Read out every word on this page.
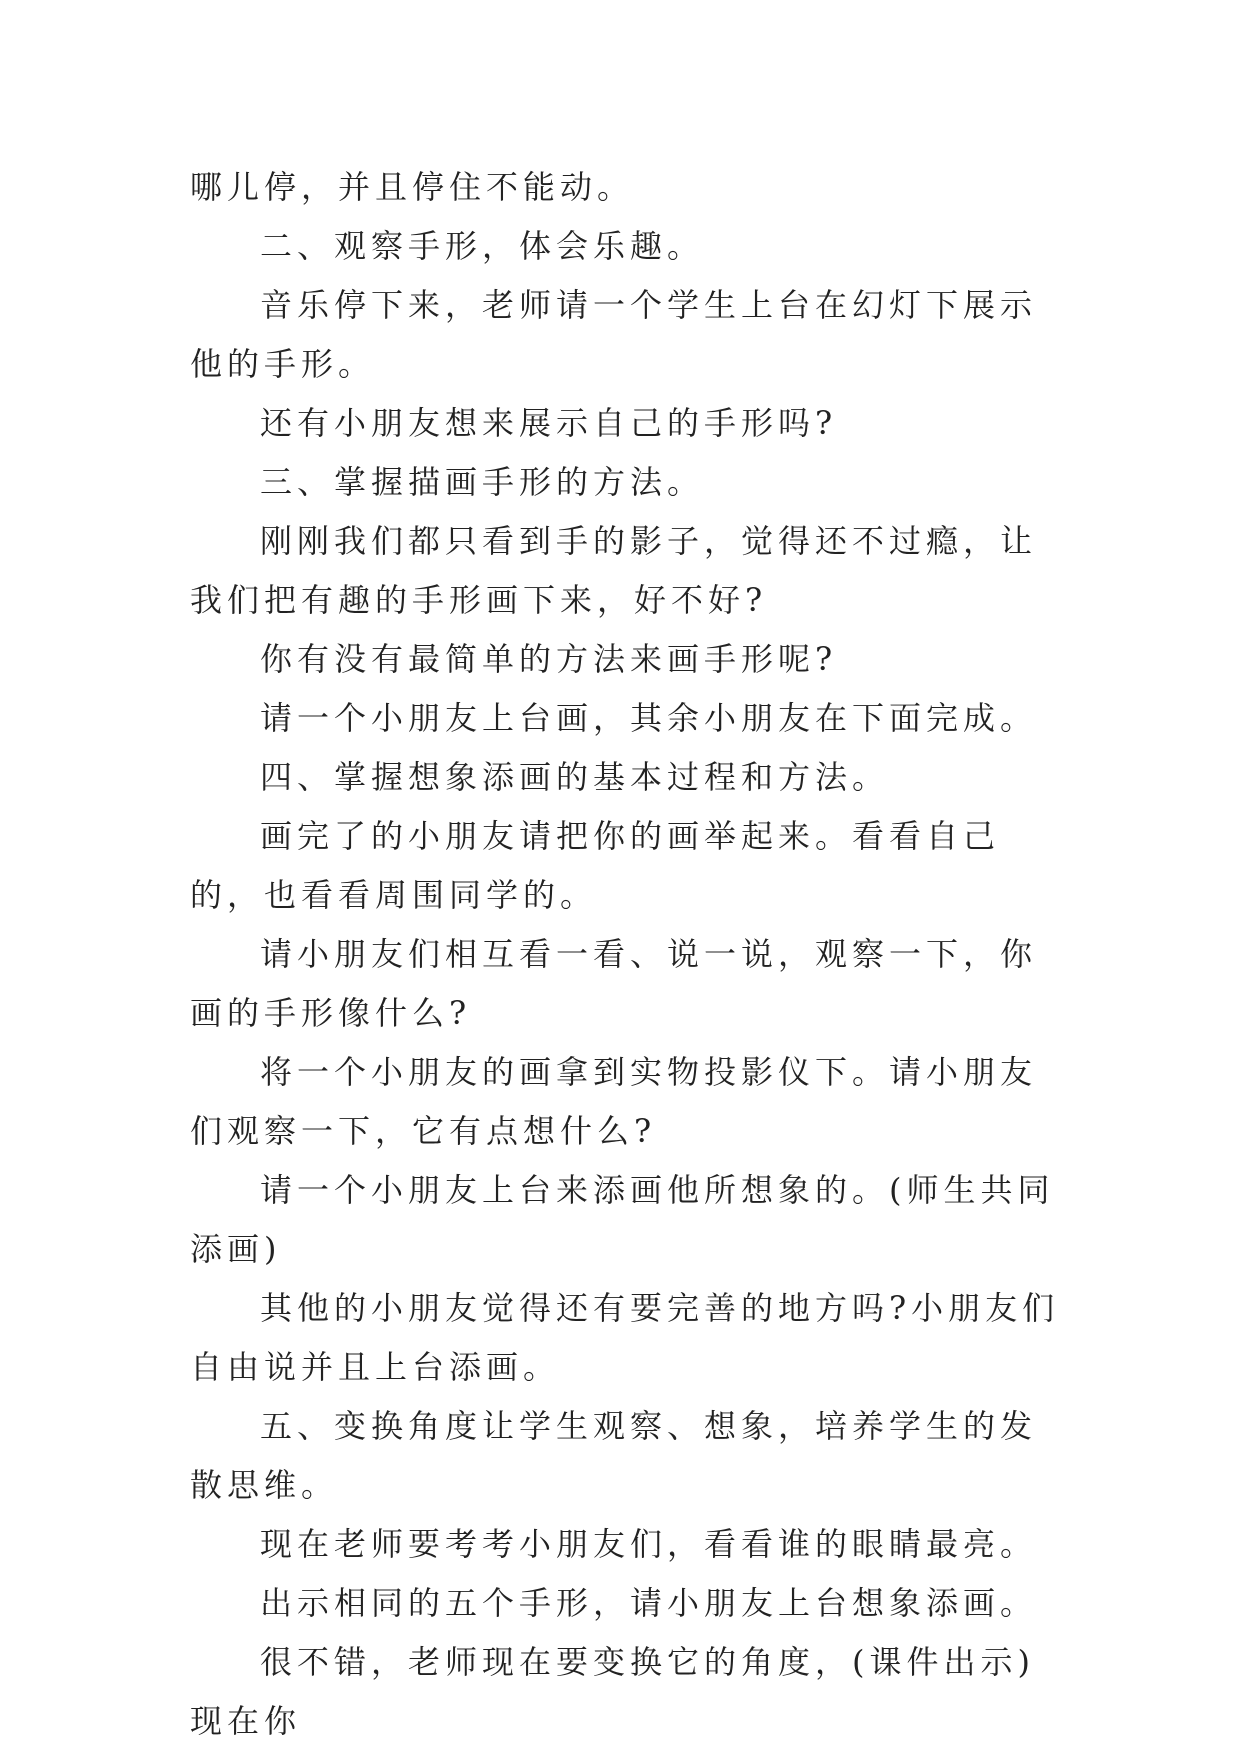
哪儿停，并且停住不能动。

二、观察手形，体会乐趣。

音乐停下来，老师请一个学生上台在幻灯下展示他的手形。

还有小朋友想来展示自己的手形吗?

三、掌握描画手形的方法。

刚刚我们都只看到手的影子，觉得还不过瘾，让我们把有趣的手形画下来，好不好?

你有没有最简单的方法来画手形呢?

请一个小朋友上台画，其余小朋友在下面完成。

四、掌握想象添画的基本过程和方法。

画完了的小朋友请把你的画举起来。看看自己的，也看看周围同学的。

请小朋友们相互看一看、说一说，观察一下，你画的手形像什么?

将一个小朋友的画拿到实物投影仪下。请小朋友们观察一下，它有点想什么?

请一个小朋友上台来添画他所想象的。(师生共同添画)

其他的小朋友觉得还有要完善的地方吗?小朋友们自由说并且上台添画。

五、变换角度让学生观察、想象，培养学生的发散思维。

现在老师要考考小朋友们，看看谁的眼睛最亮。

出示相同的五个手形，请小朋友上台想象添画。

很不错，老师现在要变换它的角度，(课件出示)现在你
